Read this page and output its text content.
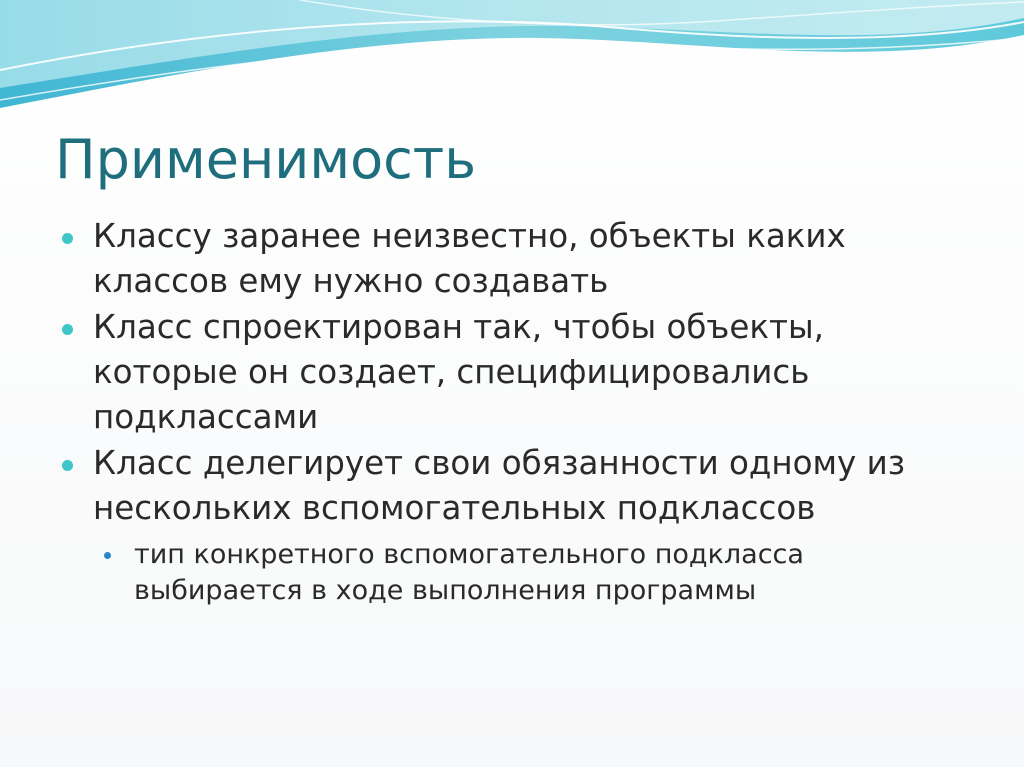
Применимость
Классу заранее неизвестно, объекты каких
классов ему нужно создавать
Класс спроектирован так, чтобы объекты,
которые он создает, специфицировались
подклассами
Класс делегирует свои обязанности одному из
нескольких вспомогательных подклассов
тип конкретного вспомогательного подкласса
выбирается в ходе выполнения программы
